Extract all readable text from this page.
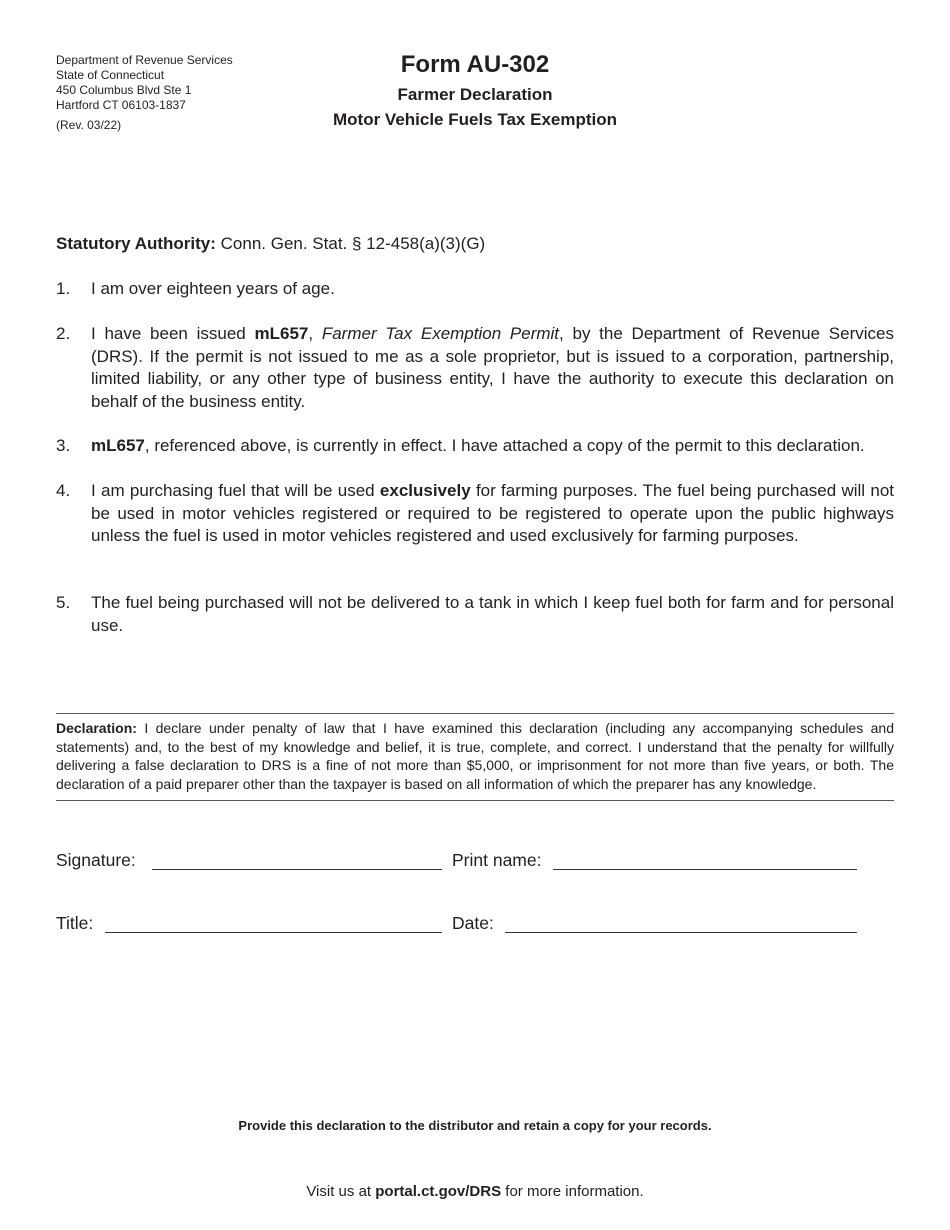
Department of Revenue Services
State of Connecticut
450 Columbus Blvd Ste 1
Hartford CT 06103-1837
(Rev. 03/22)
Form AU-302
Farmer Declaration
Motor Vehicle Fuels Tax Exemption
Statutory Authority: Conn. Gen. Stat. § 12-458(a)(3)(G)
1. I am over eighteen years of age.
2. I have been issued mL657, Farmer Tax Exemption Permit, by the Department of Revenue Services (DRS). If the permit is not issued to me as a sole proprietor, but is issued to a corporation, partnership, limited liability, or any other type of business entity, I have the authority to execute this declaration on behalf of the business entity.
3. mL657, referenced above, is currently in effect. I have attached a copy of the permit to this declaration.
4. I am purchasing fuel that will be used exclusively for farming purposes. The fuel being purchased will not be used in motor vehicles registered or required to be registered to operate upon the public highways unless the fuel is used in motor vehicles registered and used exclusively for farming purposes.
5. The fuel being purchased will not be delivered to a tank in which I keep fuel both for farm and for personal use.
Declaration: I declare under penalty of law that I have examined this declaration (including any accompanying schedules and statements) and, to the best of my knowledge and belief, it is true, complete, and correct. I understand that the penalty for willfully delivering a false declaration to DRS is a fine of not more than $5,000, or imprisonment for not more than five years, or both. The declaration of a paid preparer other than the taxpayer is based on all information of which the preparer has any knowledge.
Signature:	Print name:
Title:	Date:
Provide this declaration to the distributor and retain a copy for your records.
Visit us at portal.ct.gov/DRS for more information.
